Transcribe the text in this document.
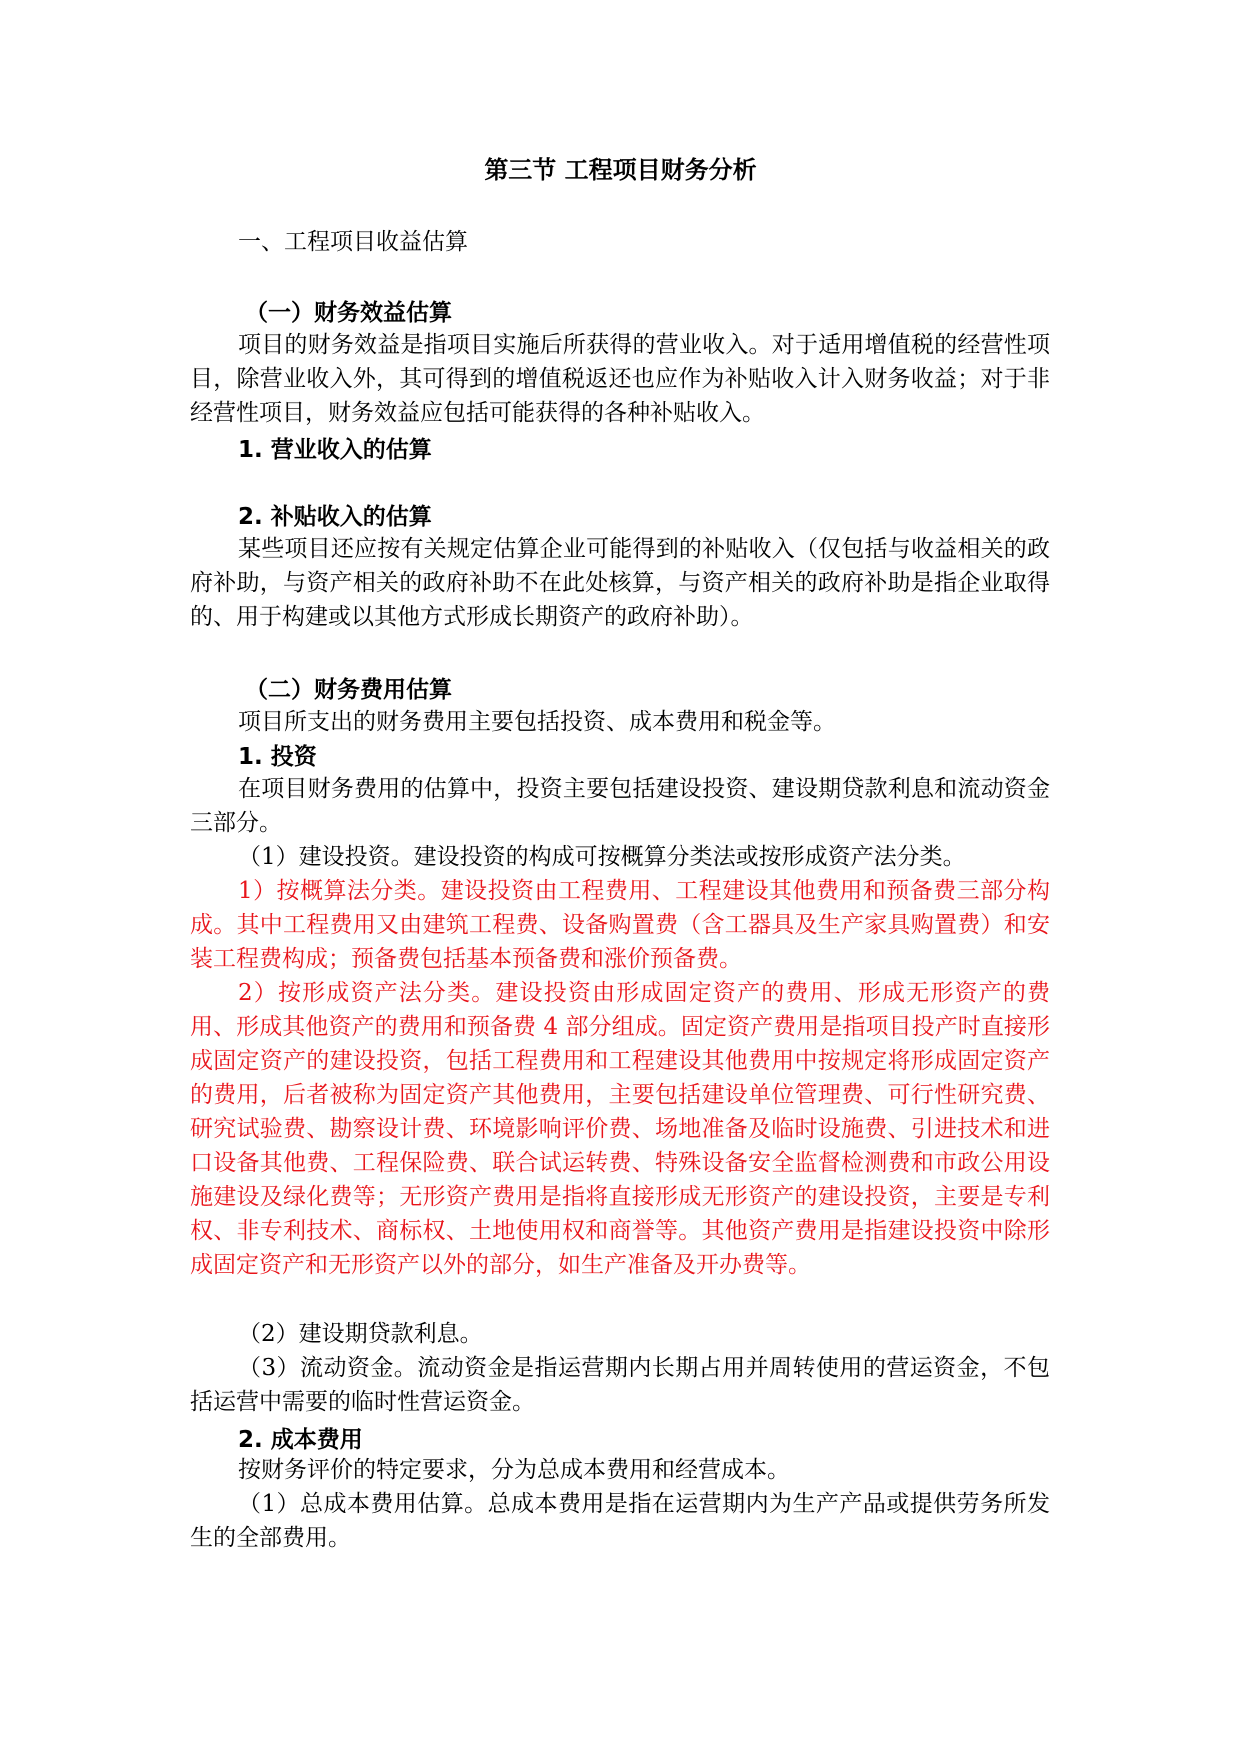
第三节 工程项目财务分析
一、工程项目收益估算
（一）财务效益估算
项目的财务效益是指项目实施后所获得的营业收入。对于适用增值税的经营性项目，除营业收入外，其可得到的增值税返还也应作为补贴收入计入财务收益；对于非经营性项目，财务效益应包括可能获得的各种补贴收入。
1. 营业收入的估算
2. 补贴收入的估算
某些项目还应按有关规定估算企业可能得到的补贴收入（仅包括与收益相关的政府补助，与资产相关的政府补助不在此处核算，与资产相关的政府补助是指企业取得的、用于构建或以其他方式形成长期资产的政府补助）。
（二）财务费用估算
项目所支出的财务费用主要包括投资、成本费用和税金等。
1. 投资
在项目财务费用的估算中，投资主要包括建设投资、建设期贷款利息和流动资金三部分。
（1）建设投资。建设投资的构成可按概算分类法或按形成资产法分类。
1）按概算法分类。建设投资由工程费用、工程建设其他费用和预备费三部分构成。其中工程费用又由建筑工程费、设备购置费（含工器具及生产家具购置费）和安装工程费构成；预备费包括基本预备费和涨价预备费。
2）按形成资产法分类。建设投资由形成固定资产的费用、形成无形资产的费用、形成其他资产的费用和预备费 4 部分组成。固定资产费用是指项目投产时直接形成固定资产的建设投资，包括工程费用和工程建设其他费用中按规定将形成固定资产的费用，后者被称为固定资产其他费用，主要包括建设单位管理费、可行性研究费、研究试验费、勘察设计费、环境影响评价费、场地准备及临时设施费、引进技术和进口设备其他费、工程保险费、联合试运转费、特殊设备安全监督检测费和市政公用设施建设及绿化费等；无形资产费用是指将直接形成无形资产的建设投资，主要是专利权、非专利技术、商标权、土地使用权和商誉等。其他资产费用是指建设投资中除形成固定资产和无形资产以外的部分，如生产准备及开办费等。
（2）建设期贷款利息。
（3）流动资金。流动资金是指运营期内长期占用并周转使用的营运资金，不包括运营中需要的临时性营运资金。
2. 成本费用
按财务评价的特定要求，分为总成本费用和经营成本。
（1）总成本费用估算。总成本费用是指在运营期内为生产产品或提供劳务所发生的全部费用。
